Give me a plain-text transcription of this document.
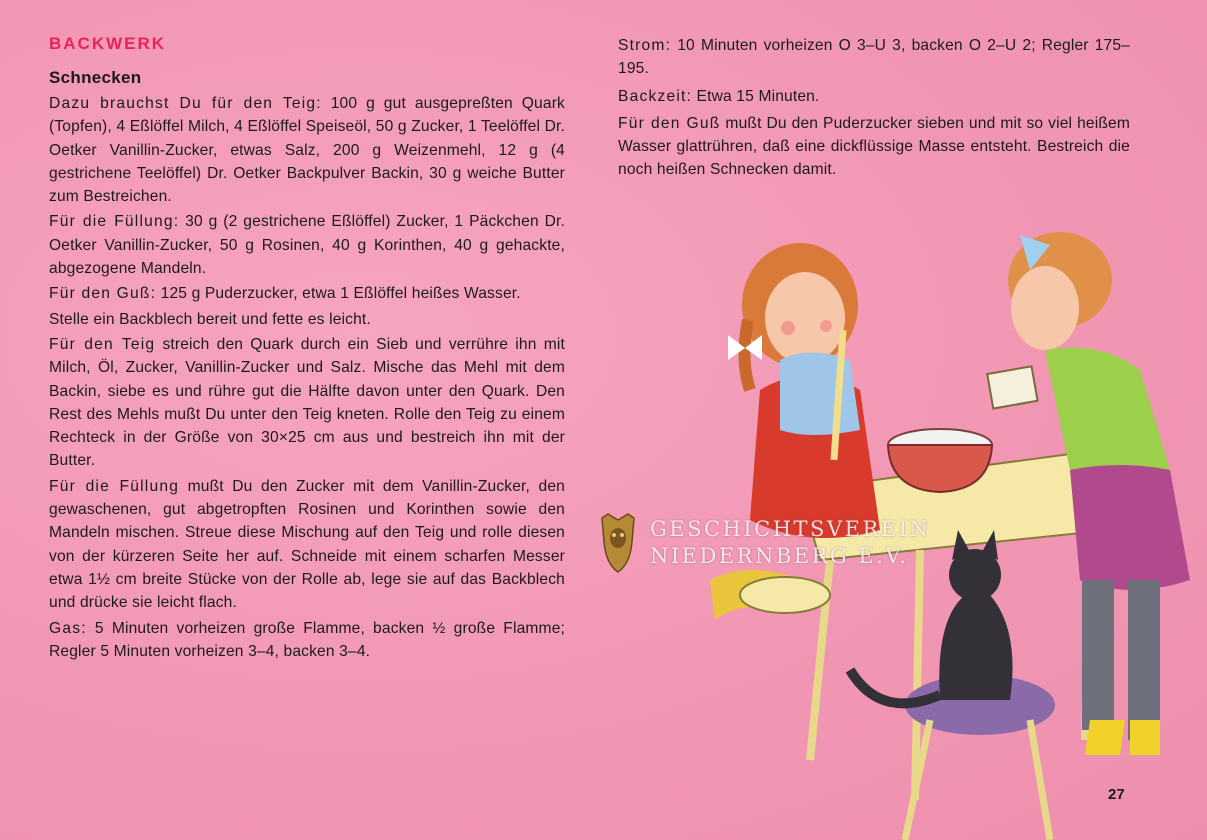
BACKWERK
Schnecken

Dazu brauchst Du für den Teig: 100 g gut ausgepreßten Quark (Topfen), 4 Eßlöffel Milch, 4 Eßlöffel Speiseöl, 50 g Zucker, 1 Teelöffel Dr. Oetker Vanillin-Zucker, etwas Salz, 200 g Weizenmehl, 12 g (4 gestrichene Teelöffel) Dr. Oetker Backpulver Backin, 30 g weiche Butter zum Bestreichen.

Für die Füllung: 30 g (2 gestrichene Eßlöffel) Zucker, 1 Päckchen Dr. Oetker Vanillin-Zucker, 50 g Rosinen, 40 g Korinthen, 40 g gehackte, abgezogene Mandeln.

Für den Guß: 125 g Puderzucker, etwa 1 Eßlöffel heißes Wasser.

Stelle ein Backblech bereit und fette es leicht.

Für den Teig streich den Quark durch ein Sieb und verrühre ihn mit Milch, Öl, Zucker, Vanillin-Zucker und Salz. Mische das Mehl mit dem Backin, siebe es und rühre gut die Hälfte davon unter den Quark. Den Rest des Mehls mußt Du unter den Teig kneten. Rolle den Teig zu einem Rechteck in der Größe von 30×25 cm aus und bestreich ihn mit der Butter.

Für die Füllung mußt Du den Zucker mit dem Vanillin-Zucker, den gewaschenen, gut abgetropften Rosinen und Korinthen sowie den Mandeln mischen. Streue diese Mischung auf den Teig und rolle diesen von der kürzeren Seite her auf. Schneide mit einem scharfen Messer etwa 1½ cm breite Stücke von der Rolle ab, lege sie auf das Backblech und drücke sie leicht flach.

Gas: 5 Minuten vorheizen große Flamme, backen ½ große Flamme; Regler 5 Minuten vorheizen 3–4, backen 3–4.

Strom: 10 Minuten vorheizen O 3–U 3, backen O 2–U 2; Regler 175–195.

Backzeit: Etwa 15 Minuten.

Für den Guß mußt Du den Puderzucker sieben und mit so viel heißem Wasser glattrühren, daß eine dickflüssige Masse entsteht. Bestreich die noch heißen Schnecken damit.

GESCHICHTSVEREIN
NIEDERNBERG E.V.
27
